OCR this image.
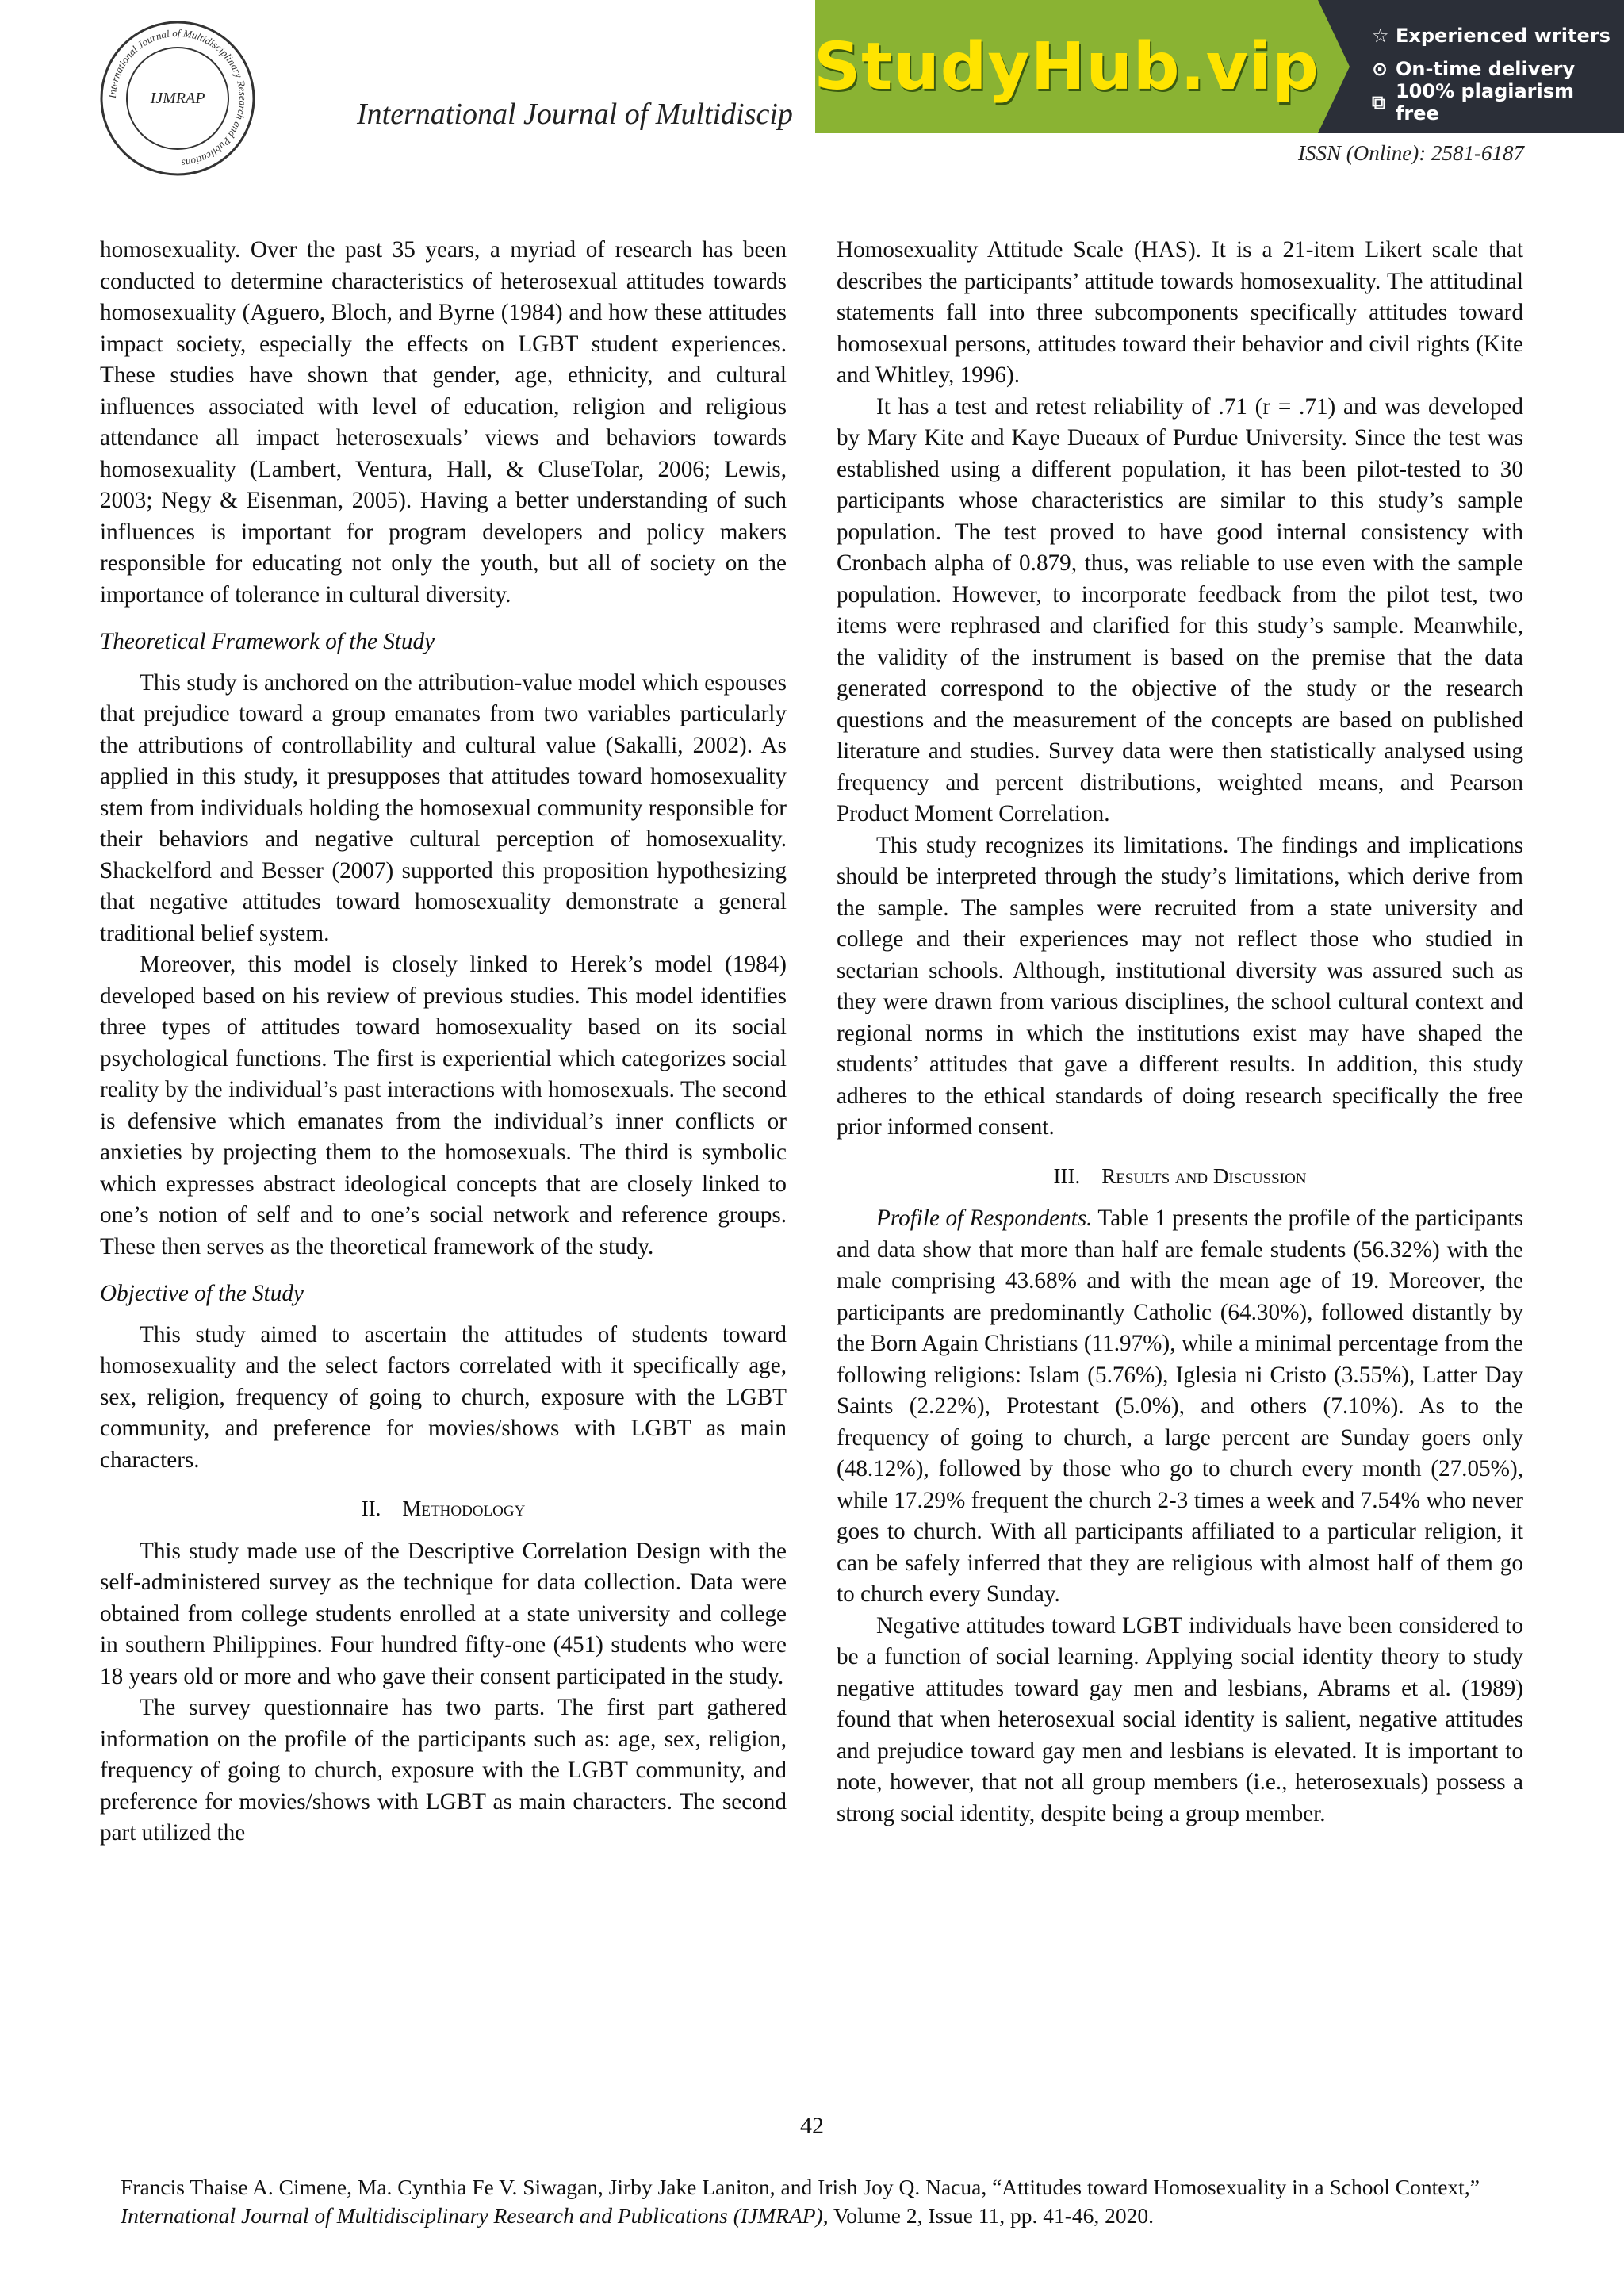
International Journal of Multidisciplinary Research and Publications
IJMRAP	International Journal of Multidiscip
ISSN (Online): 2581-6187
StudyHub.vip	☆ Experienced writers
⊙ On-time delivery
⧉ 100% plagiarism free

homosexuality. Over the past 35 years, a myriad of research has been conducted to determine characteristics of heterosexual attitudes towards homosexuality (Aguero, Bloch, and Byrne (1984) and how these attitudes impact society, especially the effects on LGBT student experiences. These studies have shown that gender, age, ethnicity, and cultural influences associated with level of education, religion and religious attendance all impact heterosexuals’ views and behaviors towards homosexuality (Lambert, Ventura, Hall, & CluseTolar, 2006; Lewis, 2003; Negy & Eisenman, 2005). Having a better understanding of such influences is important for program developers and policy makers responsible for educating not only the youth, but all of society on the importance of tolerance in cultural diversity.

Theoretical Framework of the Study

This study is anchored on the attribution-value model which espouses that prejudice toward a group emanates from two variables particularly the attributions of controllability and cultural value (Sakalli, 2002). As applied in this study, it presupposes that attitudes toward homosexuality stem from individuals holding the homosexual community responsible for their behaviors and negative cultural perception of homosexuality. Shackelford and Besser (2007) supported this proposition hypothesizing that negative attitudes toward homosexuality demonstrate a general traditional belief system.

Moreover, this model is closely linked to Herek’s model (1984) developed based on his review of previous studies. This model identifies three types of attitudes toward homosexuality based on its social psychological functions. The first is experiential which categorizes social reality by the individual’s past interactions with homosexuals. The second is defensive which emanates from the individual’s inner conflicts or anxieties by projecting them to the homosexuals. The third is symbolic which expresses abstract ideological concepts that are closely linked to one’s notion of self and to one’s social network and reference groups. These then serves as the theoretical framework of the study.

Objective of the Study

This study aimed to ascertain the attitudes of students toward homosexuality and the select factors correlated with it specifically age, sex, religion, frequency of going to church, exposure with the LGBT community, and preference for movies/shows with LGBT as main characters.

II. Methodology

This study made use of the Descriptive Correlation Design with the self-administered survey as the technique for data collection. Data were obtained from college students enrolled at a state university and college in southern Philippines. Four hundred fifty-one (451) students who were 18 years old or more and who gave their consent participated in the study.

The survey questionnaire has two parts. The first part gathered information on the profile of the participants such as: age, sex, religion, frequency of going to church, exposure with the LGBT community, and preference for movies/shows with LGBT as main characters. The second part utilized the

Homosexuality Attitude Scale (HAS). It is a 21-item Likert scale that describes the participants’ attitude towards homosexuality. The attitudinal statements fall into three subcomponents specifically attitudes toward homosexual persons, attitudes toward their behavior and civil rights (Kite and Whitley, 1996).

It has a test and retest reliability of .71 (r = .71) and was developed by Mary Kite and Kaye Dueaux of Purdue University. Since the test was established using a different population, it has been pilot-tested to 30 participants whose characteristics are similar to this study’s sample population. The test proved to have good internal consistency with Cronbach alpha of 0.879, thus, was reliable to use even with the sample population. However, to incorporate feedback from the pilot test, two items were rephrased and clarified for this study’s sample. Meanwhile, the validity of the instrument is based on the premise that the data generated correspond to the objective of the study or the research questions and the measurement of the concepts are based on published literature and studies. Survey data were then statistically analysed using frequency and percent distributions, weighted means, and Pearson Product Moment Correlation.

This study recognizes its limitations. The findings and implications should be interpreted through the study’s limitations, which derive from the sample. The samples were recruited from a state university and college and their experiences may not reflect those who studied in sectarian schools. Although, institutional diversity was assured such as they were drawn from various disciplines, the school cultural context and regional norms in which the institutions exist may have shaped the students’ attitudes that gave a different results. In addition, this study adheres to the ethical standards of doing research specifically the free prior informed consent.

III. Results and Discussion

Profile of Respondents. Table 1 presents the profile of the participants and data show that more than half are female students (56.32%) with the male comprising 43.68% and with the mean age of 19. Moreover, the participants are predominantly Catholic (64.30%), followed distantly by the Born Again Christians (11.97%), while a minimal percentage from the following religions: Islam (5.76%), Iglesia ni Cristo (3.55%), Latter Day Saints (2.22%), Protestant (5.0%), and others (7.10%). As to the frequency of going to church, a large percent are Sunday goers only (48.12%), followed by those who go to church every month (27.05%), while 17.29% frequent the church 2-3 times a week and 7.54% who never goes to church. With all participants affiliated to a particular religion, it can be safely inferred that they are religious with almost half of them go to church every Sunday.

Negative attitudes toward LGBT individuals have been considered to be a function of social learning. Applying social identity theory to study negative attitudes toward gay men and lesbians, Abrams et al. (1989) found that when heterosexual social identity is salient, negative attitudes and prejudice toward gay men and lesbians is elevated. It is important to note, however, that not all group members (i.e., heterosexuals) possess a strong social identity, despite being a group member.

42
Francis Thaise A. Cimene, Ma. Cynthia Fe V. Siwagan, Jirby Jake Laniton, and Irish Joy Q. Nacua, “Attitudes toward Homosexuality in a School Context,” International Journal of Multidisciplinary Research and Publications (IJMRAP), Volume 2, Issue 11, pp. 41-46, 2020.
